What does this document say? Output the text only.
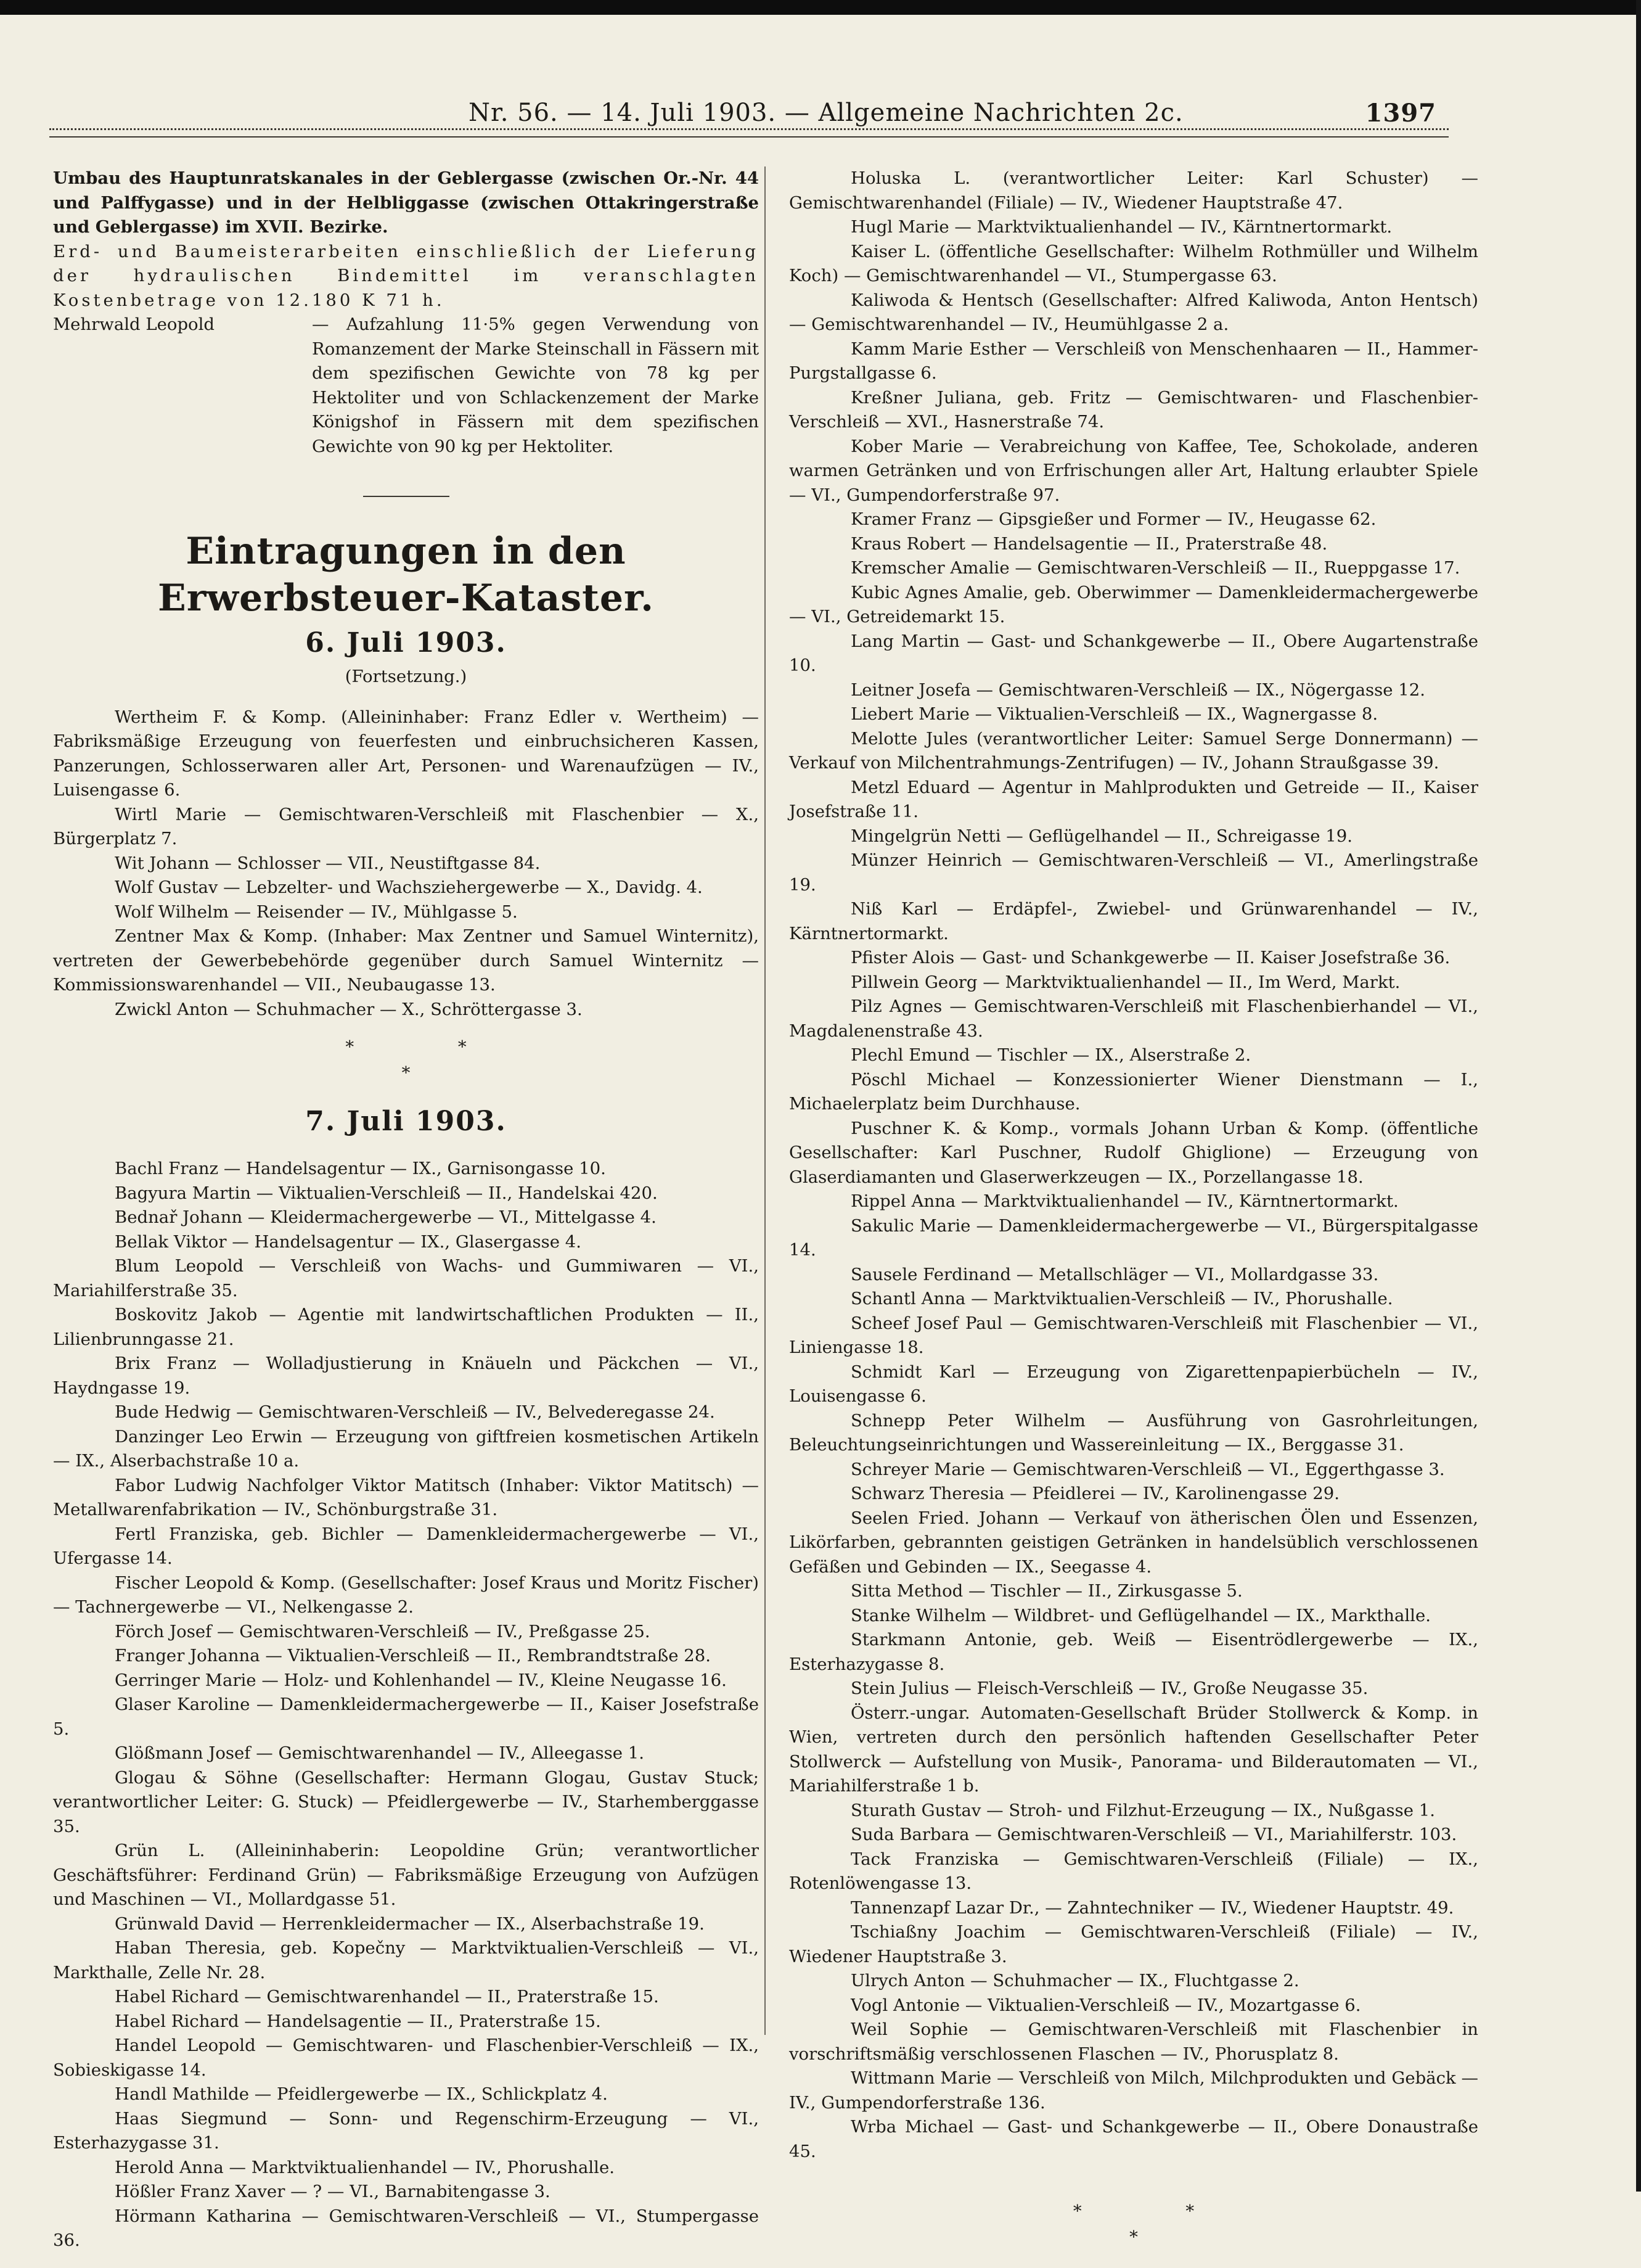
Nr. 56. — 14. Juli 1903. — Allgemeine Nachrichten 2c.	1397

Umbau des Hauptunratskanales in der Geblergasse (zwischen Or.-Nr. 44 und Palffygasse) und in der Helbliggasse (zwischen Ottakringerstraße und Geblergasse) im XVII. Bezirke.

Erd- und Baumeisterarbeiten einschließlich der Lieferung der hydraulischen Bindemittel im veranschlagten Kostenbetrage von 12.180 K 71 h.

Mehrwald Leopold	— Aufzahlung 11·5% gegen Verwendung von Romanzement der Marke Steinschall in Fässern mit dem spezifischen Gewichte von 78 kg per Hektoliter und von Schlackenzement der Marke Königshof in Fässern mit dem spezifischen Gewichte von 90 kg per Hektoliter.

Eintragungen in den Erwerbsteuer-Kataster.
6. Juli 1903.
(Fortsetzung.)

Wertheim F. & Komp. (Alleininhaber: Franz Edler v. Wertheim) — Fabriksmäßige Erzeugung von feuerfesten und einbruchsicheren Kassen, Panzerungen, Schlosserwaren aller Art, Personen- und Warenaufzügen — IV., Luisengasse 6.

Wirtl Marie — Gemischtwaren-Verschleiß mit Flaschenbier — X., Bürgerplatz 7.

Wit Johann — Schlosser — VII., Neustiftgasse 84.

Wolf Gustav — Lebzelter- und Wachsziehergewerbe — X., Davidg. 4.

Wolf Wilhelm — Reisender — IV., Mühlgasse 5.

Zentner Max & Komp. (Inhaber: Max Zentner und Samuel Winternitz), vertreten der Gewerbebehörde gegenüber durch Samuel Winternitz — Kommissionswarenhandel — VII., Neubaugasse 13.

Zwickl Anton — Schuhmacher — X., Schröttergasse 3.

* *
*
7. Juli 1903.

Bachl Franz — Handelsagentur — IX., Garnisongasse 10.

Bagyura Martin — Viktualien-Verschleiß — II., Handelskai 420.

Bednař Johann — Kleidermachergewerbe — VI., Mittelgasse 4.

Bellak Viktor — Handelsagentur — IX., Glasergasse 4.

Blum Leopold — Verschleiß von Wachs- und Gummiwaren — VI., Mariahilferstraße 35.

Boskovitz Jakob — Agentie mit landwirtschaftlichen Produkten — II., Lilienbrunngasse 21.

Brix Franz — Wolladjustierung in Knäueln und Päckchen — VI., Haydngasse 19.

Bude Hedwig — Gemischtwaren-Verschleiß — IV., Belvederegasse 24.

Danzinger Leo Erwin — Erzeugung von giftfreien kosmetischen Artikeln — IX., Alserbachstraße 10 a.

Fabor Ludwig Nachfolger Viktor Matitsch (Inhaber: Viktor Matitsch) — Metallwarenfabrikation — IV., Schönburgstraße 31.

Fertl Franziska, geb. Bichler — Damenkleidermachergewerbe — VI., Ufergasse 14.

Fischer Leopold & Komp. (Gesellschafter: Josef Kraus und Moritz Fischer) — Tachnergewerbe — VI., Nelkengasse 2.

Förch Josef — Gemischtwaren-Verschleiß — IV., Preßgasse 25.

Franger Johanna — Viktualien-Verschleiß — II., Rembrandtstraße 28.

Gerringer Marie — Holz- und Kohlenhandel — IV., Kleine Neugasse 16.

Glaser Karoline — Damenkleidermachergewerbe — II., Kaiser Josefstraße 5.

Glößmann Josef — Gemischtwarenhandel — IV., Alleegasse 1.

Glogau & Söhne (Gesellschafter: Hermann Glogau, Gustav Stuck; verantwortlicher Leiter: G. Stuck) — Pfeidlergewerbe — IV., Starhemberggasse 35.

Grün L. (Alleininhaberin: Leopoldine Grün; verantwortlicher Geschäftsführer: Ferdinand Grün) — Fabriksmäßige Erzeugung von Aufzügen und Maschinen — VI., Mollardgasse 51.

Grünwald David — Herrenkleidermacher — IX., Alserbachstraße 19.

Haban Theresia, geb. Kopečny — Marktviktualien-Verschleiß — VI., Markthalle, Zelle Nr. 28.

Habel Richard — Gemischtwarenhandel — II., Praterstraße 15.

Habel Richard — Handelsagentie — II., Praterstraße 15.

Handel Leopold — Gemischtwaren- und Flaschenbier-Verschleiß — IX., Sobieskigasse 14.

Handl Mathilde — Pfeidlergewerbe — IX., Schlickplatz 4.

Haas Siegmund — Sonn- und Regenschirm-Erzeugung — VI., Esterhazygasse 31.

Herold Anna — Marktviktualienhandel — IV., Phorushalle.

Hößler Franz Xaver — ? — VI., Barnabitengasse 3.

Hörmann Katharina — Gemischtwaren-Verschleiß — VI., Stumpergasse 36.

Holuska L. (verantwortlicher Leiter: Karl Schuster) — Gemischtwarenhandel (Filiale) — IV., Wiedener Hauptstraße 47.

Hugl Marie — Marktviktualienhandel — IV., Kärntnertormarkt.

Kaiser L. (öffentliche Gesellschafter: Wilhelm Rothmüller und Wilhelm Koch) — Gemischtwarenhandel — VI., Stumpergasse 63.

Kaliwoda & Hentsch (Gesellschafter: Alfred Kaliwoda, Anton Hentsch) — Gemischtwarenhandel — IV., Heumühlgasse 2 a.

Kamm Marie Esther — Verschleiß von Menschenhaaren — II., Hammer-Purgstallgasse 6.

Kreßner Juliana, geb. Fritz — Gemischtwaren- und Flaschenbier-Verschleiß — XVI., Hasnerstraße 74.

Kober Marie — Verabreichung von Kaffee, Tee, Schokolade, anderen warmen Getränken und von Erfrischungen aller Art, Haltung erlaubter Spiele — VI., Gumpendorferstraße 97.

Kramer Franz — Gipsgießer und Former — IV., Heugasse 62.

Kraus Robert — Handelsagentie — II., Praterstraße 48.

Kremscher Amalie — Gemischtwaren-Verschleiß — II., Rueppgasse 17.

Kubic Agnes Amalie, geb. Oberwimmer — Damenkleidermachergewerbe — VI., Getreidemarkt 15.

Lang Martin — Gast- und Schankgewerbe — II., Obere Augartenstraße 10.

Leitner Josefa — Gemischtwaren-Verschleiß — IX., Nögergasse 12.

Liebert Marie — Viktualien-Verschleiß — IX., Wagnergasse 8.

Melotte Jules (verantwortlicher Leiter: Samuel Serge Donnermann) — Verkauf von Milchentrahmungs-Zentrifugen) — IV., Johann Straußgasse 39.

Metzl Eduard — Agentur in Mahlprodukten und Getreide — II., Kaiser Josefstraße 11.

Mingelgrün Netti — Geflügelhandel — II., Schreigasse 19.

Münzer Heinrich — Gemischtwaren-Verschleiß — VI., Amerlingstraße 19.

Niß Karl — Erdäpfel-, Zwiebel- und Grünwarenhandel — IV., Kärntnertormarkt.

Pfister Alois — Gast- und Schankgewerbe — II. Kaiser Josefstraße 36.

Pillwein Georg — Marktviktualienhandel — II., Im Werd, Markt.

Pilz Agnes — Gemischtwaren-Verschleiß mit Flaschenbierhandel — VI., Magdalenenstraße 43.

Plechl Emund — Tischler — IX., Alserstraße 2.

Pöschl Michael — Konzessionierter Wiener Dienstmann — I., Michaelerplatz beim Durchhause.

Puschner K. & Komp., vormals Johann Urban & Komp. (öffentliche Gesellschafter: Karl Puschner, Rudolf Ghiglione) — Erzeugung von Glaserdiamanten und Glaserwerkzeugen — IX., Porzellangasse 18.

Rippel Anna — Marktviktualienhandel — IV., Kärntnertormarkt.

Sakulic Marie — Damenkleidermachergewerbe — VI., Bürgerspitalgasse 14.

Sausele Ferdinand — Metallschläger — VI., Mollardgasse 33.

Schantl Anna — Marktviktualien-Verschleiß — IV., Phorushalle.

Scheef Josef Paul — Gemischtwaren-Verschleiß mit Flaschenbier — VI., Liniengasse 18.

Schmidt Karl — Erzeugung von Zigarettenpapierbücheln — IV., Louisengasse 6.

Schnepp Peter Wilhelm — Ausführung von Gasrohrleitungen, Beleuchtungseinrichtungen und Wassereinleitung — IX., Berggasse 31.

Schreyer Marie — Gemischtwaren-Verschleiß — VI., Eggerthgasse 3.

Schwarz Theresia — Pfeidlerei — IV., Karolinengasse 29.

Seelen Fried. Johann — Verkauf von ätherischen Ölen und Essenzen, Likörfarben, gebrannten geistigen Getränken in handelsüblich verschlossenen Gefäßen und Gebinden — IX., Seegasse 4.

Sitta Method — Tischler — II., Zirkusgasse 5.

Stanke Wilhelm — Wildbret- und Geflügelhandel — IX., Markthalle.

Starkmann Antonie, geb. Weiß — Eisentrödlergewerbe — IX., Esterhazygasse 8.

Stein Julius — Fleisch-Verschleiß — IV., Große Neugasse 35.

Österr.-ungar. Automaten-Gesellschaft Brüder Stollwerck & Komp. in Wien, vertreten durch den persönlich haftenden Gesellschafter Peter Stollwerck — Aufstellung von Musik-, Panorama- und Bilderautomaten — VI., Mariahilferstraße 1 b.

Sturath Gustav — Stroh- und Filzhut-Erzeugung — IX., Nußgasse 1.

Suda Barbara — Gemischtwaren-Verschleiß — VI., Mariahilferstr. 103.

Tack Franziska — Gemischtwaren-Verschleiß (Filiale) — IX., Rotenlöwengasse 13.

Tannenzapf Lazar Dr., — Zahntechniker — IV., Wiedener Hauptstr. 49.

Tschiaßny Joachim — Gemischtwaren-Verschleiß (Filiale) — IV., Wiedener Hauptstraße 3.

Ulrych Anton — Schuhmacher — IX., Fluchtgasse 2.

Vogl Antonie — Viktualien-Verschleiß — IV., Mozartgasse 6.

Weil Sophie — Gemischtwaren-Verschleiß mit Flaschenbier in vorschriftsmäßig verschlossenen Flaschen — IV., Phorusplatz 8.

Wittmann Marie — Verschleiß von Milch, Milchprodukten und Gebäck — IV., Gumpendorferstraße 136.

Wrba Michael — Gast- und Schankgewerbe — II., Obere Donaustraße 45.

* *
*
